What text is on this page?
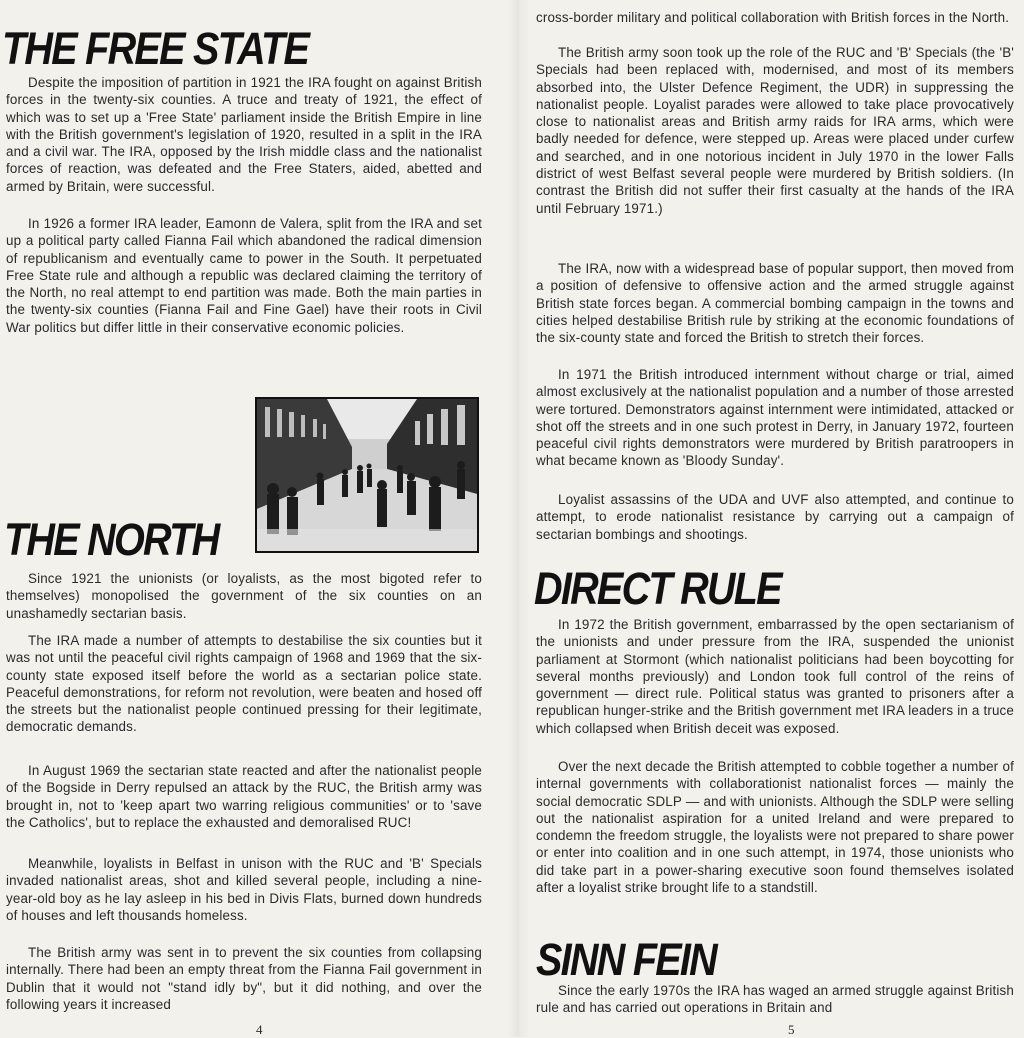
THE FREE STATE

Despite the imposition of partition in 1921 the IRA fought on against British forces in the twenty-six counties. A truce and treaty of 1921, the effect of which was to set up a 'Free State' parliament inside the British Empire in line with the British government's legislation of 1920, resulted in a split in the IRA and a civil war. The IRA, opposed by the Irish middle class and the nationalist forces of reaction, was defeated and the Free Staters, aided, abetted and armed by Britain, were successful.

In 1926 a former IRA leader, Eamonn de Valera, split from the IRA and set up a political party called Fianna Fail which abandoned the radical dimension of republicanism and eventually came to power in the South. It perpetuated Free State rule and although a republic was declared claiming the territory of the North, no real attempt to end partition was made. Both the main parties in the twenty-six counties (Fianna Fail and Fine Gael) have their roots in Civil War politics but differ little in their conservative economic policies.

THE NORTH

Since 1921 the unionists (or loyalists, as the most bigoted refer to themselves) monopolised the government of the six counties on an unashamedly sectarian basis.

The IRA made a number of attempts to destabilise the six counties but it was not until the peaceful civil rights campaign of 1968 and 1969 that the six-county state exposed itself before the world as a sectarian police state. Peaceful demonstrations, for reform not revolution, were beaten and hosed off the streets but the nationalist people continued pressing for their legitimate, democratic demands.

In August 1969 the sectarian state reacted and after the nationalist people of the Bogside in Derry repulsed an attack by the RUC, the British army was brought in, not to 'keep apart two warring religious communities' or to 'save the Catholics', but to replace the exhausted and demoralised RUC!

Meanwhile, loyalists in Belfast in unison with the RUC and 'B' Specials invaded nationalist areas, shot and killed several people, including a nine-year-old boy as he lay asleep in his bed in Divis Flats, burned down hundreds of houses and left thousands homeless.

The British army was sent in to prevent the six counties from collapsing internally. There had been an empty threat from the Fianna Fail government in Dublin that it would not "stand idly by", but it did nothing, and over the following years it increased

4

cross-border military and political collaboration with British forces in the North.

The British army soon took up the role of the RUC and 'B' Specials (the 'B' Specials had been replaced with, modernised, and most of its members absorbed into, the Ulster Defence Regiment, the UDR) in suppressing the nationalist people. Loyalist parades were allowed to take place provocatively close to nationalist areas and British army raids for IRA arms, which were badly needed for defence, were stepped up. Areas were placed under curfew and searched, and in one notorious incident in July 1970 in the lower Falls district of west Belfast several people were murdered by British soldiers. (In contrast the British did not suffer their first casualty at the hands of the IRA until February 1971.)

The IRA, now with a widespread base of popular support, then moved from a position of defensive to offensive action and the armed struggle against British state forces began. A commercial bombing campaign in the towns and cities helped destabilise British rule by striking at the economic foundations of the six-county state and forced the British to stretch their forces.

In 1971 the British introduced internment without charge or trial, aimed almost exclusively at the nationalist population and a number of those arrested were tortured. Demonstrators against internment were intimidated, attacked or shot off the streets and in one such protest in Derry, in January 1972, fourteen peaceful civil rights demonstrators were murdered by British paratroopers in what became known as 'Bloody Sunday'.

Loyalist assassins of the UDA and UVF also attempted, and continue to attempt, to erode nationalist resistance by carrying out a campaign of sectarian bombings and shootings.

DIRECT RULE

In 1972 the British government, embarrassed by the open sectarianism of the unionists and under pressure from the IRA, suspended the unionist parliament at Stormont (which nationalist politicians had been boycotting for several months previously) and London took full control of the reins of government — direct rule. Political status was granted to prisoners after a republican hunger-strike and the British government met IRA leaders in a truce which collapsed when British deceit was exposed.

Over the next decade the British attempted to cobble together a number of internal governments with collaborationist nationalist forces — mainly the social democratic SDLP — and with unionists. Although the SDLP were selling out the nationalist aspiration for a united Ireland and were prepared to condemn the freedom struggle, the loyalists were not prepared to share power or enter into coalition and in one such attempt, in 1974, those unionists who did take part in a power-sharing executive soon found themselves isolated after a loyalist strike brought life to a standstill.

SINN FEIN

Since the early 1970s the IRA has waged an armed struggle against British rule and has carried out operations in Britain and

5
